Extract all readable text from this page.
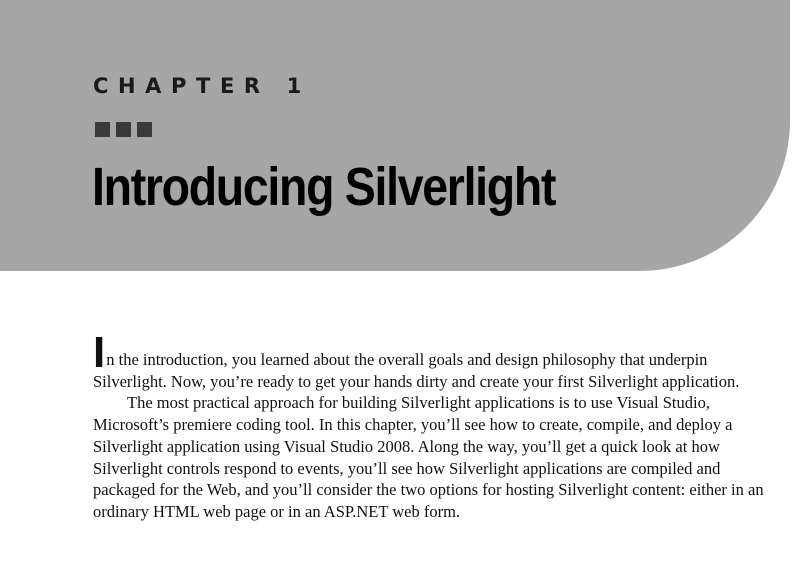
CHAPTER 1
Introducing Silverlight

In the introduction, you learned about the overall goals and design philosophy that underpin Silverlight. Now, you’re ready to get your hands dirty and create your first Silverlight application.

The most practical approach for building Silverlight applications is to use Visual Studio, Microsoft’s premiere coding tool. In this chapter, you’ll see how to create, compile, and deploy a Silverlight application using Visual Studio 2008. Along the way, you’ll get a quick look at how Silverlight controls respond to events, you’ll see how Silverlight applications are compiled and packaged for the Web, and you’ll consider the two options for hosting Silverlight content: either in an ordinary HTML web page or in an ASP.NET web form.
